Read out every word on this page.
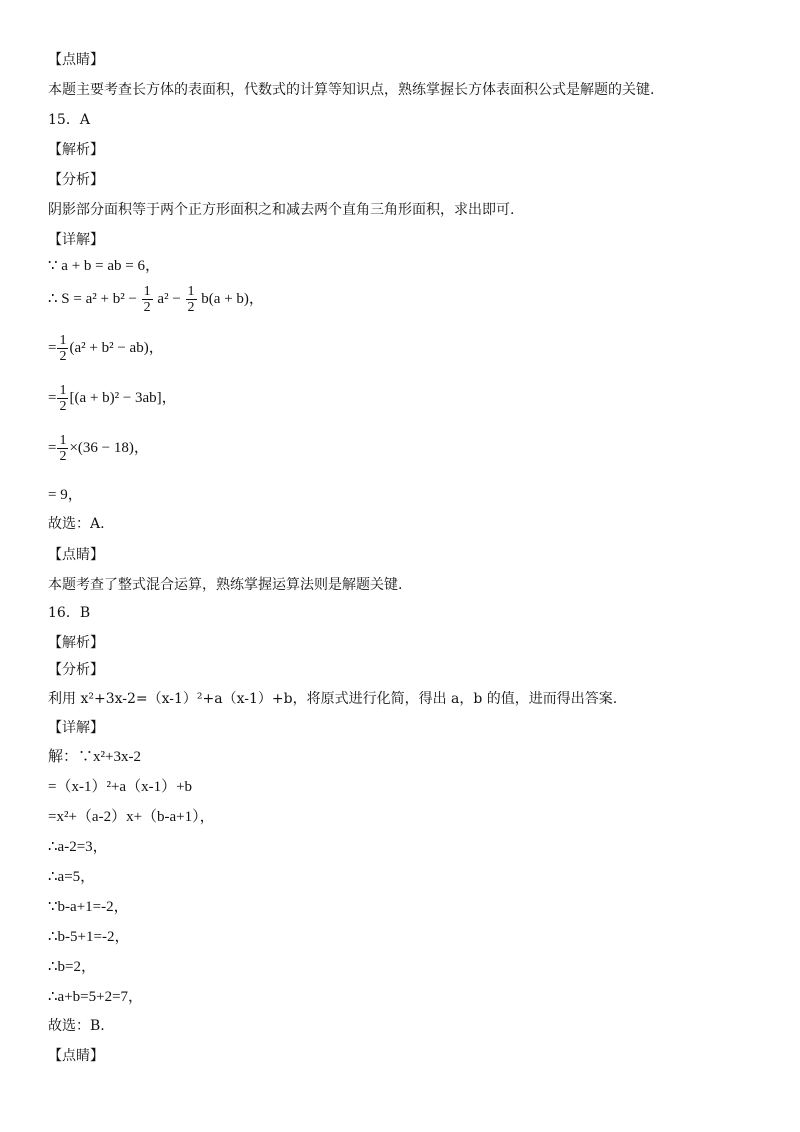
【点睛】
本题主要考查长方体的表面积，代数式的计算等知识点，熟练掌握长方体表面积公式是解题的关键.
15．A
【解析】
【分析】
阴影部分面积等于两个正方形面积之和减去两个直角三角形面积，求出即可.
【详解】
∵ a + b = ab = 6，
∴ $S = a^2 + b^2 - \frac{1}{2} a^2 - \frac{1}{2} b(a + b)$，
= $\frac{1}{2} (a^2 + b^2 - ab)$，
= $\frac{1}{2} [(a + b)^2 - 3ab]$，
= $\frac{1}{2} \times(36 - 18)$，
= 9，
故选：A.
【点睛】
本题考查了整式混合运算，熟练掌握运算法则是解题关键.
16．B
【解析】
【分析】
利用 x²+3x-2=（x-1）²+a（x-1）+b，将原式进行化简，得出 a，b 的值，进而得出答案.
【详解】
解：∵x²+3x-2
=（x-1）²+a（x-1）+b
=x²+（a-2）x+（b-a+1），
∴a-2=3，
∴a=5，
∵b-a+1=-2，
∴b-5+1=-2，
∴b=2，
∴a+b=5+2=7，
故选：B.
【点睛】
